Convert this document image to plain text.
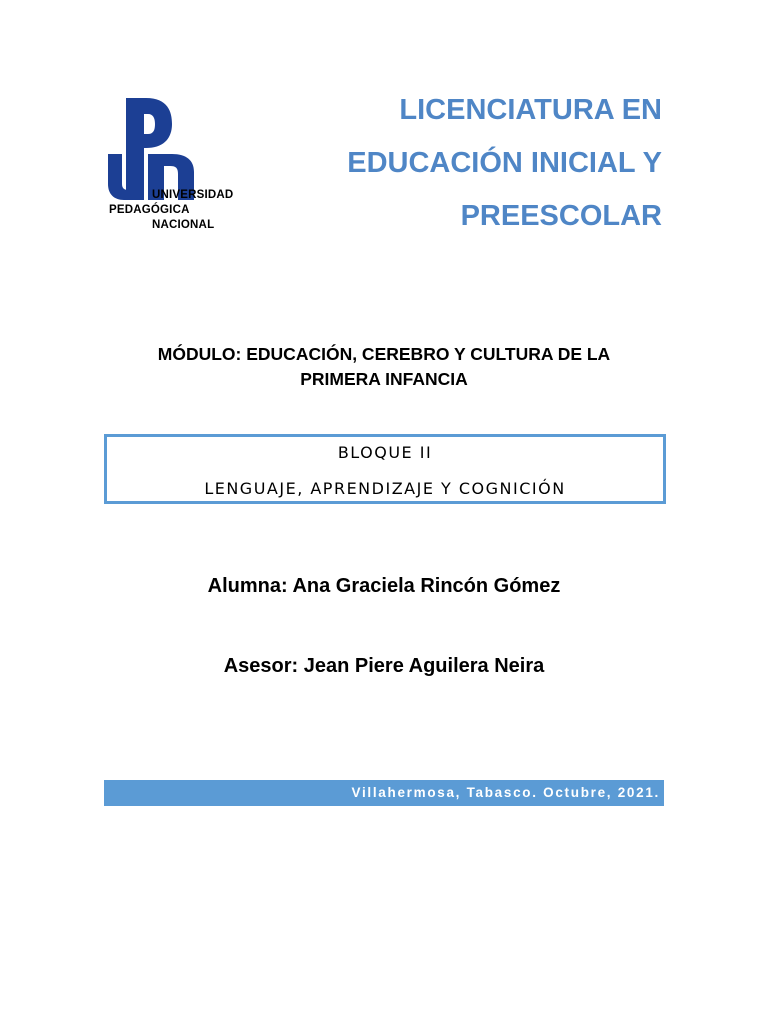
UNIVERSIDAD
PEDAGÓGICA
NACIONAL
LICENCIATURA EN
EDUCACIÓN INICIAL Y
PREESCOLAR
MÓDULO: EDUCACIÓN, CEREBRO Y CULTURA DE LA
PRIMERA INFANCIA
BLOQUE II
LENGUAJE, APRENDIZAJE Y COGNICIÓN

Alumna: Ana Graciela Rincón Gómez

Asesor: Jean Piere Aguilera Neira

Villahermosa, Tabasco. Octubre, 2021.
